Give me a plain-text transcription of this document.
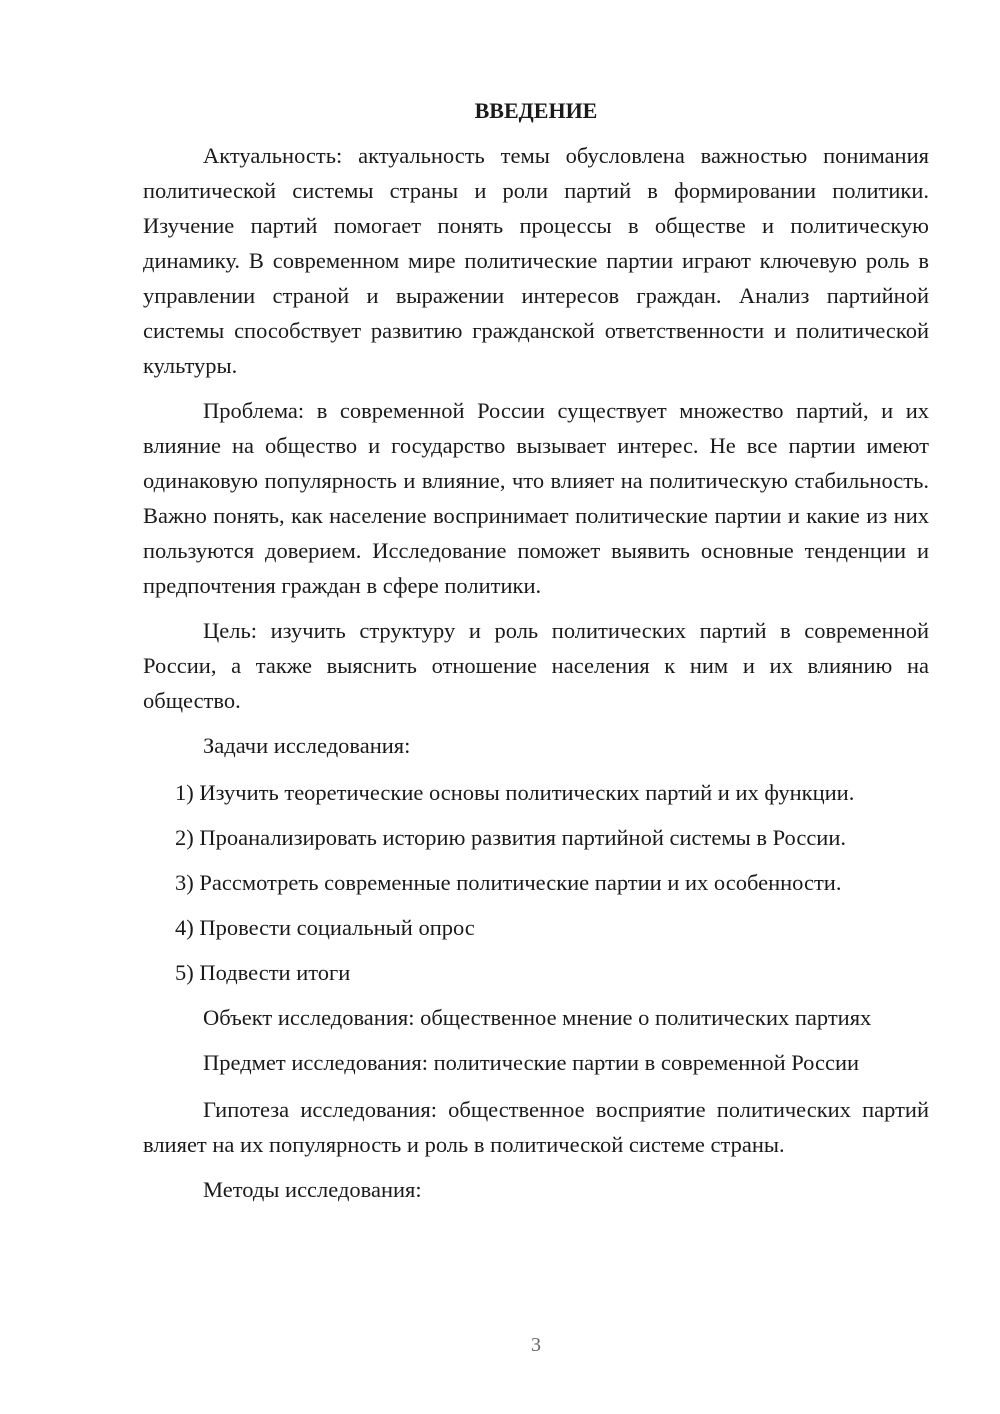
ВВЕДЕНИЕ

Актуальность: актуальность темы обусловлена важностью понимания политической системы страны и роли партий в формировании политики. Изучение партий помогает понять процессы в обществе и политическую динамику. В современном мире политические партии играют ключевую роль в управлении страной и выражении интересов граждан. Анализ партийной системы способствует развитию гражданской ответственности и политической культуры.

Проблема: в современной России существует множество партий, и их влияние на общество и государство вызывает интерес. Не все партии имеют одинаковую популярность и влияние, что влияет на политическую стабильность. Важно понять, как население воспринимает политические партии и какие из них пользуются доверием. Исследование поможет выявить основные тенденции и предпочтения граждан в сфере политики.

Цель: изучить структуру и роль политических партий в современной России, а также выяснить отношение населения к ним и их влиянию на общество.

Задачи исследования:

1) Изучить теоретические основы политических партий и их функции.
2) Проанализировать историю развития партийной системы в России.
3) Рассмотреть современные политические партии и их особенности.
4) Провести социальный опрос
5) Подвести итоги

Объект исследования: общественное мнение о политических партиях

Предмет исследования: политические партии в современной России

Гипотеза исследования: общественное восприятие политических партий влияет на их популярность и роль в политической системе страны.

Методы исследования:

3
